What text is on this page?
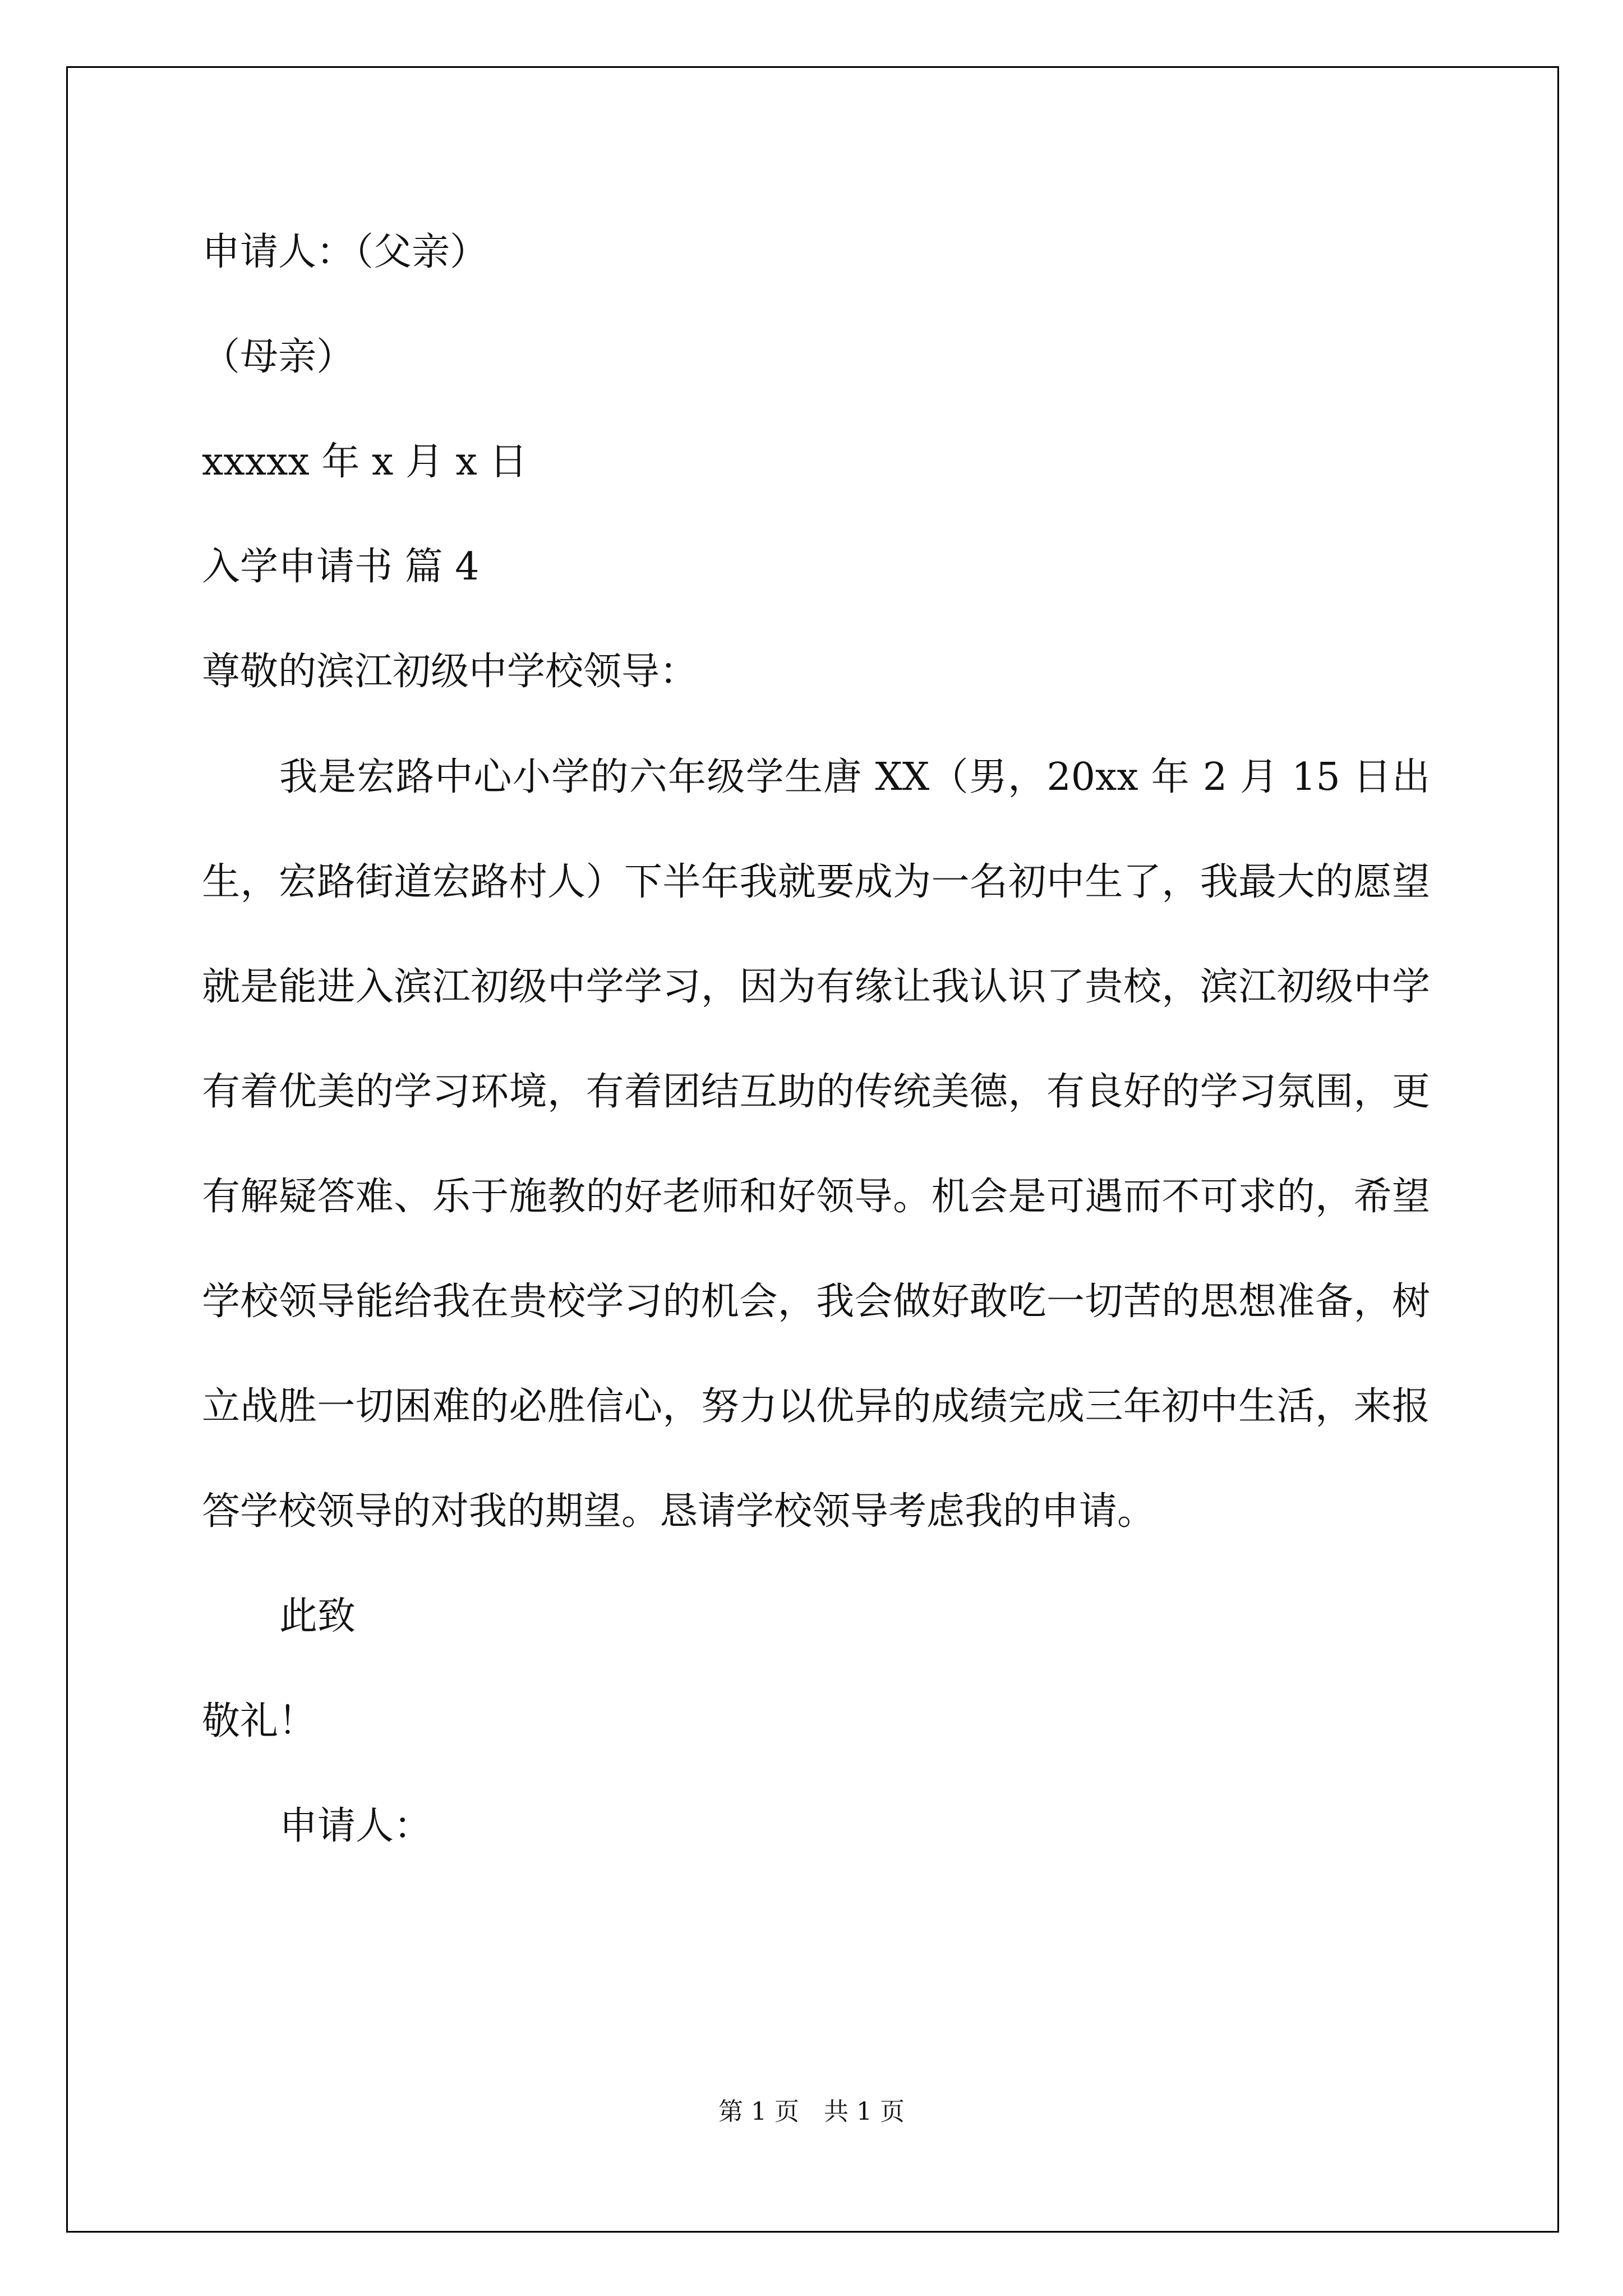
申请人：（父亲）
（母亲）
xxxxx 年 x 月 x 日
入学申请书 篇 4
尊敬的滨江初级中学校领导：
我是宏路中心小学的六年级学生唐 XX（男，20xx 年 2 月 15 日出生，宏路街道宏路村人）下半年我就要成为一名初中生了，我最大的愿望就是能进入滨江初级中学学习，因为有缘让我认识了贵校，滨江初级中学有着优美的学习环境，有着团结互助的传统美德，有良好的学习氛围，更有解疑答难、乐于施教的好老师和好领导。机会是可遇而不可求的，希望学校领导能给我在贵校学习的机会，我会做好敢吃一切苦的思想准备，树立战胜一切困难的必胜信心，努力以优异的成绩完成三年初中生活，来报答学校领导的对我的期望。恳请学校领导考虑我的申请。
此致
敬礼！
申请人：
第 1 页　共 1 页
